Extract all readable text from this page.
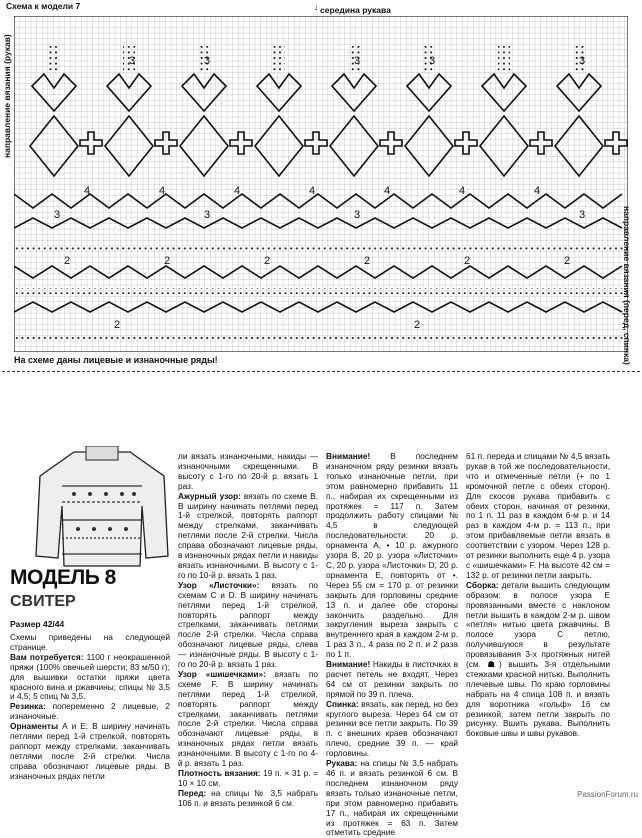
Схема к модели 7	↓ середина рукава
3	3	3	3	3
4	4	4	4	4	4	4
3	3	3	3
2	2	2	2	2	2
2	2
направление вязания (рукав)
направление вязания (перед, спинка)
На схеме даны лицевые и изнаночные ряды!
МОДЕЛЬ 8
СВИТЕР
Размер 42/44

Схемы приведены на следующей странице.

Вам потребуется: 1100 г неокрашенной пряжи (100% овечьей шерсти; 83 м/50 г); для вышивки остатки пряжи цвета красного вина и ржавчины; спицы № 3,5 и 4,5; 5 спиц № 3,5.

Резинка: попеременно 2 лицевые, 2 изнаночные.

Орнаменты А и Е: В ширину начинать петлями перед 1-й стрелкой, повторять раппорт между стрелками, заканчивать петлями после 2-й стрелки. Числа справа обозначают лицевые ряды. В изнаночных рядах петли

ли вязать изнаночными, накиды — изнаночными скрещенными. В высоту с 1-го по 20-й р. вязать 1 раз.

Ажурный узор: вязать по схеме В. В ширину начинать петлями перед 1-й стрелкой, повторять раппорт между стрелками, заканчивать петлями после 2-й стрелки. Числа справа обозначают лицевые ряды, в изнаночных рядах петли и накиды вязать изнаночными. В высоту с 1-го по 10-й р. вязать 1 раз.

Узор «Листочки»: вязать по схемам С и D. В ширину начинать петлями перед 1-й стрелкой, повторять раппорт между стрелками, заканчивать петлями после 2-й стрелки. Числа справа обозначают лицевые ряды, слева — изнаночные ряды. В высоту с 1-го по 20-й р. вязать 1 раз.

Узор «шишечками»: вязать по схеме F. В ширину начинать петлями перед 1-й стрелкой, повторять раппорт между стрелками, заканчивать петлями после 2-й стрелки. Числа справа обозначают лицевые ряды, в изнаночных рядах петли вязать изнаночными. В высоту с 1-го по 4-й р. вязать 1 раз.

Плотность вязания: 19 п. × 31 р. = 10 × 10 см.

Перед: на спицы № 3,5 набрать 106 п. и вязать резинкой 6 см.

Внимание! В последнем изнаночном ряду резинки вязать только изнаночные петли, при этом равномерно прибавить 11 п., набирая их скрещенными из протяжек = 117 п. Затем продолжить работу спицами № 4,5 в следующей последовательности: 20 р. орнамента А, • 10 р. ажурного узора В, 20 р. узора «Листочки» С, 20 р. узора «Листочки» D, 20 р. орнамента Е, повторять от •. Через 55 см = 170 р. от резинки закрыть для горловины средние 13 п. и далее обе стороны закончить раздельно. Для закругления выреза закрыть с внутреннего края в каждом 2-м р. 1 раз 3 п., 4 раза по 2 п. и 2 раза по 1 п.

Внимание! Накиды в листочках в расчет петель не входят. Через 64 см от резинки закрыть по прямой по 39 п. плеча.

Спинка: вязать, как перед, но без круглого выреза. Через 64 см от резинки все петли закрыть. По 39 п. с внешних краев обозначают плечо, средние 39 п. — край горловины.

Рукава: на спицы № 3,5 набрать 46 п. и вязать резинкой 6 см. В последнем изнаночном ряду вязать только изнаночные петли, при этом равномерно прибавить 17 п., набирая их скрещенными из протяжек = 63 п. Затем отметить средние

61 п. переда и спицами № 4,5 вязать рукав в той же последовательности, что и отмеченные петли (+ по 1 кромочной петле с обеих сторон). Для скосов рукава прибавить с обеих сторон, начиная от резинки, по 1 п. 11 раз в каждом 6-м р. и 14 раз в каждом 4-м р. = 113 п., при этом прибавляемые петли вязать в соответствии с узором. Через 128 р. от резинки выполнить еще 4 р. узора с «шишечками» F. На высоте 42 см = 132 р. от резинки петли закрыть.

Сборка: детали вышить следующим образом: в полосе узора Е провязанными вместе с наклоном петли вышить в каждом 2-м р. швом «петля» нитью цвета ржавчины. В полосе узора С петлю, получившуюся в результате провязывания 3-х протяжных нитей (см. ☗) вышить 3-я отдельными стежками красной нитью. Выполнить плечевые швы. По краю горловины набрать на 4 спица 108 п. и вязать для воротника «гольф» 16 см резинкой, затем петли закрыть по рисунку. Вшить рукава. Выполнить боковые швы и швы рукавов.

PassionForum.ru
